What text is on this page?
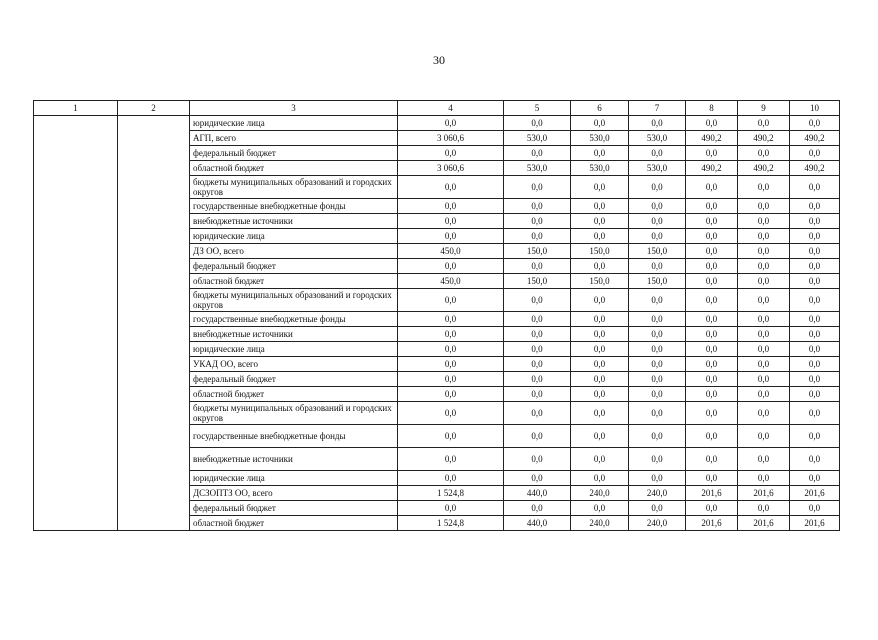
30
1	2	3	4	5	6	7	8	9	10
		юридические лица	0,0	0,0	0,0	0,0	0,0	0,0	0,0
		АГП, всего	3 060,6	530,0	530,0	530,0	490,2	490,2	490,2
		федеральный бюджет	0,0	0,0	0,0	0,0	0,0	0,0	0,0
		областной бюджет	3 060,6	530,0	530,0	530,0	490,2	490,2	490,2
		бюджеты муниципальных образований и городских округов	0,0	0,0	0,0	0,0	0,0	0,0	0,0
		государственные внебюджетные фонды	0,0	0,0	0,0	0,0	0,0	0,0	0,0
		внебюджетные источники	0,0	0,0	0,0	0,0	0,0	0,0	0,0
		юридические лица	0,0	0,0	0,0	0,0	0,0	0,0	0,0
		ДЗ ОО, всего	450,0	150,0	150,0	150,0	0,0	0,0	0,0
		федеральный бюджет	0,0	0,0	0,0	0,0	0,0	0,0	0,0
		областной бюджет	450,0	150,0	150,0	150,0	0,0	0,0	0,0
		бюджеты муниципальных образований и городских округов	0,0	0,0	0,0	0,0	0,0	0,0	0,0
		государственные внебюджетные фонды	0,0	0,0	0,0	0,0	0,0	0,0	0,0
		внебюджетные источники	0,0	0,0	0,0	0,0	0,0	0,0	0,0
		юридические лица	0,0	0,0	0,0	0,0	0,0	0,0	0,0
		УКАД ОО, всего	0,0	0,0	0,0	0,0	0,0	0,0	0,0
		федеральный бюджет	0,0	0,0	0,0	0,0	0,0	0,0	0,0
		областной бюджет	0,0	0,0	0,0	0,0	0,0	0,0	0,0
		бюджеты муниципальных образований и городских округов	0,0	0,0	0,0	0,0	0,0	0,0	0,0
		государственные внебюджетные фонды	0,0	0,0	0,0	0,0	0,0	0,0	0,0
		внебюджетные источники	0,0	0,0	0,0	0,0	0,0	0,0	0,0
		юридические лица	0,0	0,0	0,0	0,0	0,0	0,0	0,0
		ДСЗОПТЗ ОО, всего	1 524,8	440,0	240,0	240,0	201,6	201,6	201,6
		федеральный бюджет	0,0	0,0	0,0	0,0	0,0	0,0	0,0
		областной бюджет	1 524,8	440,0	240,0	240,0	201,6	201,6	201,6
